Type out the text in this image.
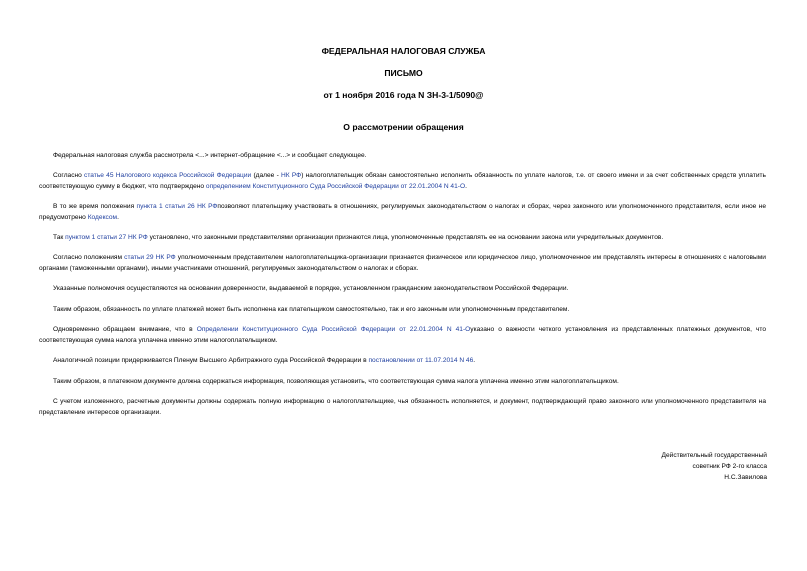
ФЕДЕРАЛЬНАЯ НАЛОГОВАЯ СЛУЖБА
ПИСЬМО
от 1 ноября 2016 года N ЗН-3-1/5090@
О рассмотрении обращения
Федеральная налоговая служба рассмотрела <...> интернет-обращение <...> и сообщает следующее.
Согласно статье 45 Налогового кодекса Российской Федерации (далее - НК РФ) налогоплательщик обязан самостоятельно исполнить обязанность по уплате налогов, т.е. от своего имени и за счет собственных средств уплатить соответствующую сумму в бюджет, что подтверждено определением Конституционного Суда Российской Федерации от 22.01.2004 N 41-О.
В то же время положения пункта 1 статьи 26 НК РФпозволяют плательщику участвовать в отношениях, регулируемых законодательством о налогах и сборах, через законного или уполномоченного представителя, если иное не предусмотрено Кодексом.
Так пунктом 1 статьи 27 НК РФ установлено, что законными представителями организации признаются лица, уполномоченные представлять ее на основании закона или учредительных документов.
Согласно положениям статьи 29 НК РФ уполномоченным представителем налогоплательщика-организации признается физическое или юридическое лицо, уполномоченное им представлять интересы в отношениях с налоговыми органами (таможенными органами), иными участниками отношений, регулируемых законодательством о налогах и сборах.
Указанные полномочия осуществляются на основании доверенности, выдаваемой в порядке, установленном гражданским законодательством Российской Федерации.
Таким образом, обязанность по уплате платежей может быть исполнена как плательщиком самостоятельно, так и его законным или уполномоченным представителем.
Одновременно обращаем внимание, что в Определении Конституционного Суда Российской Федерации от 22.01.2004 N 41-Оуказано о важности четкого установления из представленных платежных документов, что соответствующая сумма налога уплачена именно этим налогоплательщиком.
Аналогичной позиции придерживается Пленум Высшего Арбитражного суда Российской Федерации в постановлении от 11.07.2014 N 46.
Таким образом, в платежном документе должна содержаться информация, позволяющая установить, что соответствующая сумма налога уплачена именно этим налогоплательщиком.
С учетом изложенного, расчетные документы должны содержать полную информацию о налогоплательщике, чья обязанность исполняется, и документ, подтверждающий право законного или уполномоченного представителя на представление интересов организации.
Действительный государственный
советник РФ 2-го класса
Н.С.Завилова
